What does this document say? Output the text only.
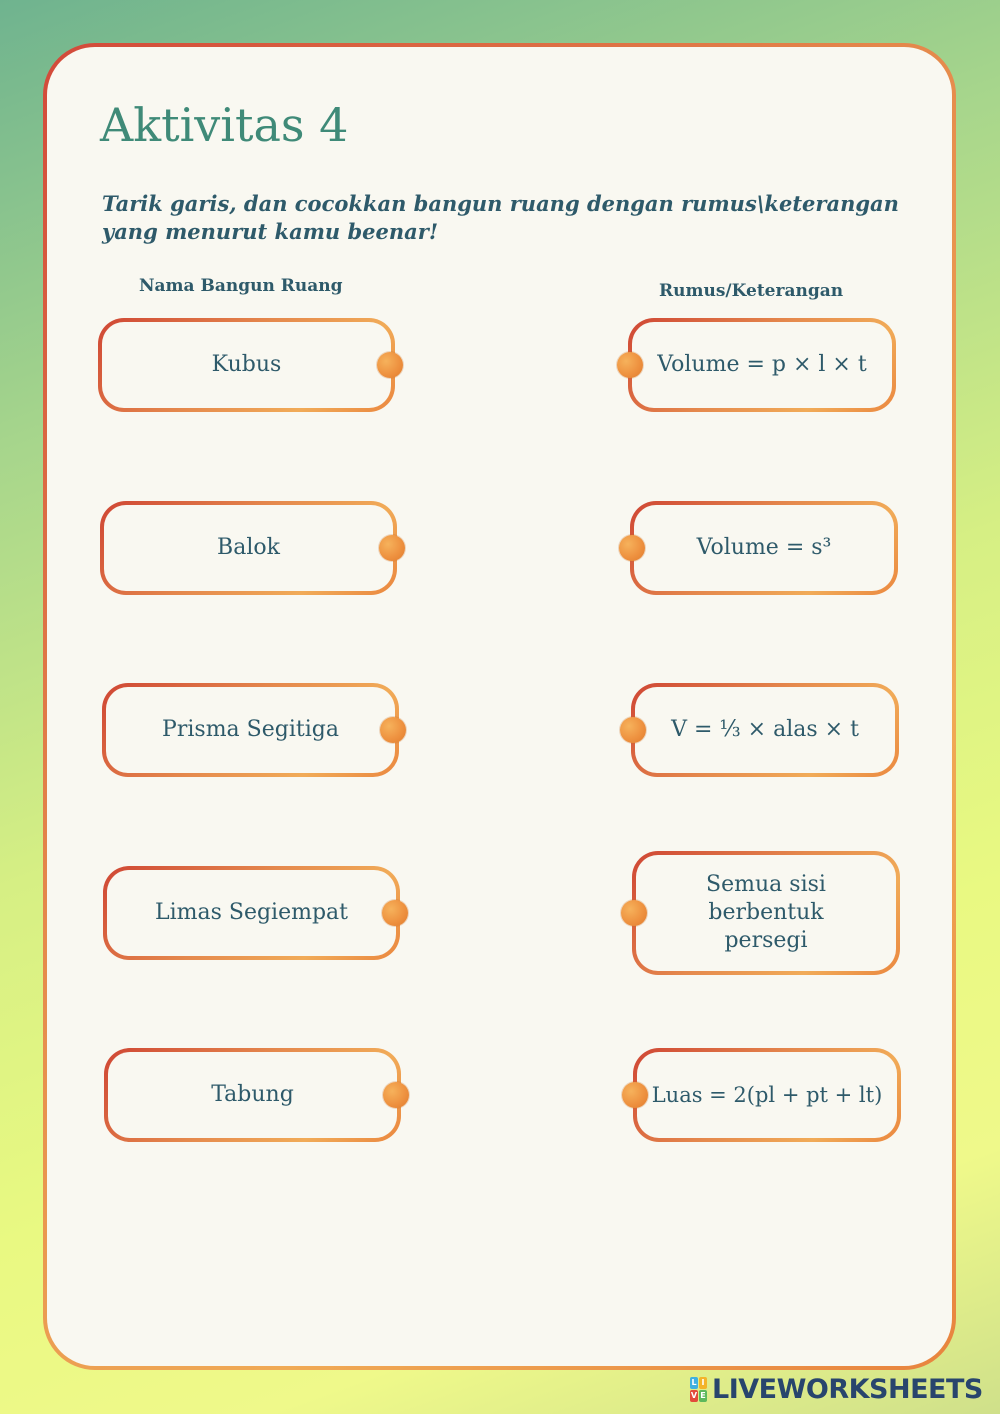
Aktivitas 4

Tarik garis, dan cocokkan bangun ruang dengan rumus\keterangan yang menurut kamu beenar!

Nama Bangun Ruang	Rumus/Keterangan
Kubus
Balok
Prisma Segitiga
Limas Segiempat
Tabung
Volume = p × l × t
Volume = s³
V = ⅓ × alas × t
Semua sisi berbentuk persegi
Luas = 2(pl + pt + lt)
L I
V E LIVEWORKSHEETS
